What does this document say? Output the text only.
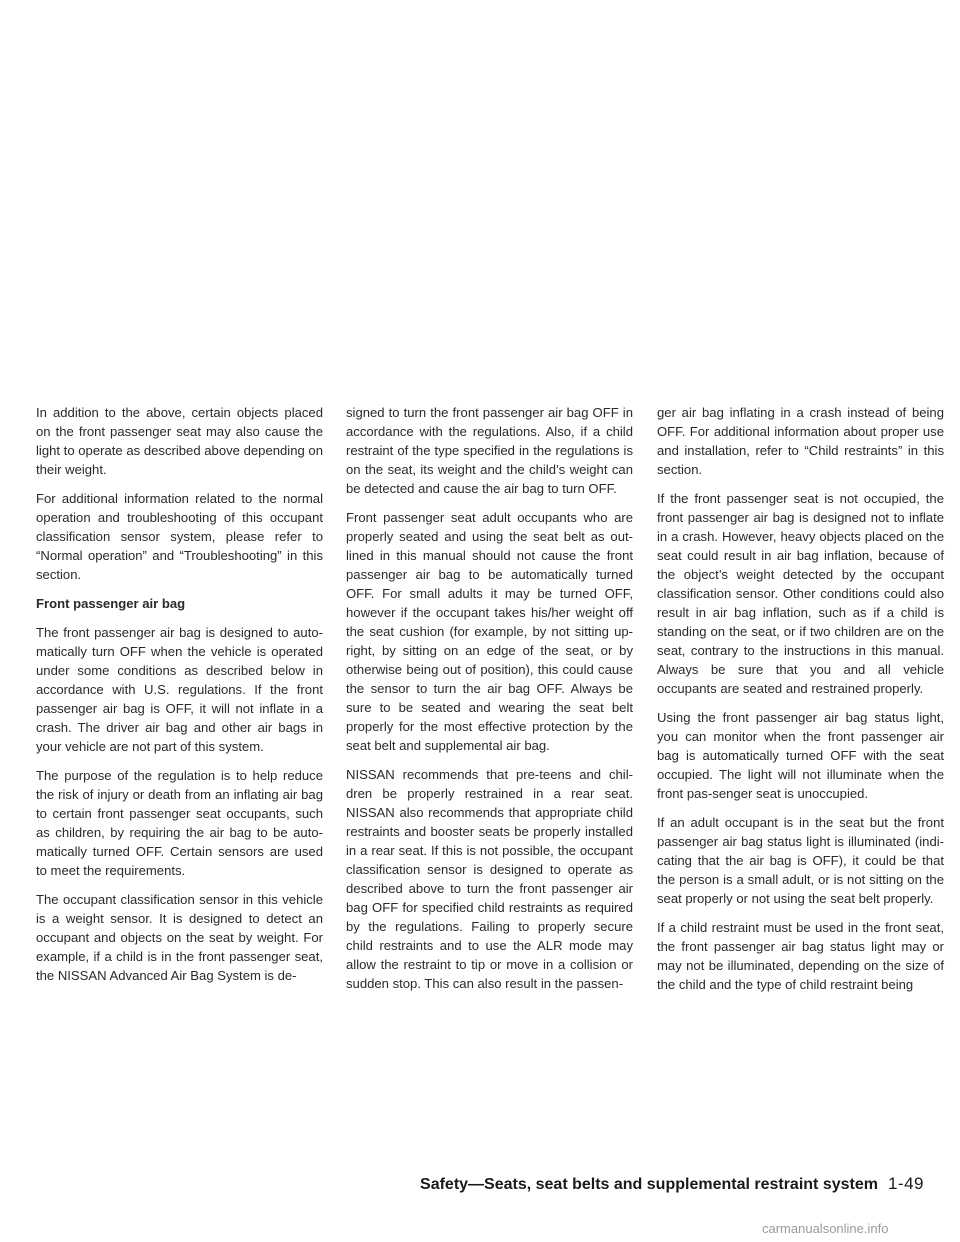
In addition to the above, certain objects placed on the front passenger seat may also cause the light to operate as described above depending on their weight.

For additional information related to the normal operation and troubleshooting of this occupant classification sensor system, please refer to “Normal operation” and “Troubleshooting” in this section.

Front passenger air bag

The front passenger air bag is designed to auto-matically turn OFF when the vehicle is operated under some conditions as described below in accordance with U.S. regulations. If the front passenger air bag is OFF, it will not inflate in a crash. The driver air bag and other air bags in your vehicle are not part of this system.

The purpose of the regulation is to help reduce the risk of injury or death from an inflating air bag to certain front passenger seat occupants, such as children, by requiring the air bag to be auto-matically turned OFF. Certain sensors are used to meet the requirements.

The occupant classification sensor in this vehicle is a weight sensor. It is designed to detect an occupant and objects on the seat by weight. For example, if a child is in the front passenger seat, the NISSAN Advanced Air Bag System is de-

signed to turn the front passenger air bag OFF in accordance with the regulations. Also, if a child restraint of the type specified in the regulations is on the seat, its weight and the child’s weight can be detected and cause the air bag to turn OFF.

Front passenger seat adult occupants who are properly seated and using the seat belt as out-lined in this manual should not cause the front passenger air bag to be automatically turned OFF. For small adults it may be turned OFF, however if the occupant takes his/her weight off the seat cushion (for example, by not sitting up-right, by sitting on an edge of the seat, or by otherwise being out of position), this could cause the sensor to turn the air bag OFF. Always be sure to be seated and wearing the seat belt properly for the most effective protection by the seat belt and supplemental air bag.

NISSAN recommends that pre-teens and chil-dren be properly restrained in a rear seat. NISSAN also recommends that appropriate child restraints and booster seats be properly installed in a rear seat. If this is not possible, the occupant classification sensor is designed to operate as described above to turn the front passenger air bag OFF for specified child restraints as required by the regulations. Failing to properly secure child restraints and to use the ALR mode may allow the restraint to tip or move in a collision or sudden stop. This can also result in the passen-

ger air bag inflating in a crash instead of being OFF. For additional information about proper use and installation, refer to “Child restraints” in this section.

If the front passenger seat is not occupied, the front passenger air bag is designed not to inflate in a crash. However, heavy objects placed on the seat could result in air bag inflation, because of the object’s weight detected by the occupant classification sensor. Other conditions could also result in air bag inflation, such as if a child is standing on the seat, or if two children are on the seat, contrary to the instructions in this manual. Always be sure that you and all vehicle occupants are seated and restrained properly.

Using the front passenger air bag status light, you can monitor when the front passenger air bag is automatically turned OFF with the seat occupied. The light will not illuminate when the front pas-senger seat is unoccupied.

If an adult occupant is in the seat but the front passenger air bag status light is illuminated (indi-cating that the air bag is OFF), it could be that the person is a small adult, or is not sitting on the seat properly or not using the seat belt properly.

If a child restraint must be used in the front seat, the front passenger air bag status light may or may not be illuminated, depending on the size of the child and the type of child restraint being

Safety—Seats, seat belts and supplemental restraint system 1-49
carmanualsonline.info
